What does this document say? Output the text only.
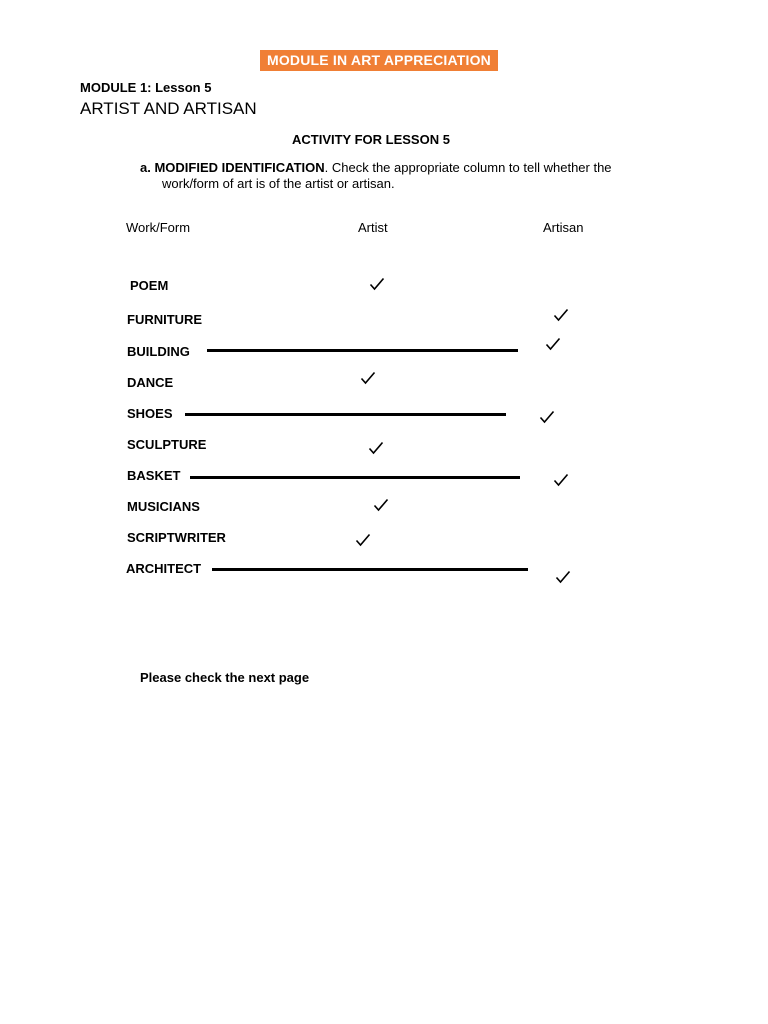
MODULE IN ART APPRECIATION
MODULE 1: Lesson 5
ARTIST AND ARTISAN
ACTIVITY FOR LESSON 5
a. MODIFIED IDENTIFICATION. Check the appropriate column to tell whether the
work/form of art is of the artist or artisan.
Work/Form	Artist	Artisan
POEM
FURNITURE
BUILDING
DANCE
SHOES
SCULPTURE
BASKET
MUSICIANS
SCRIPTWRITER
ARCHITECT
Please check the next page
